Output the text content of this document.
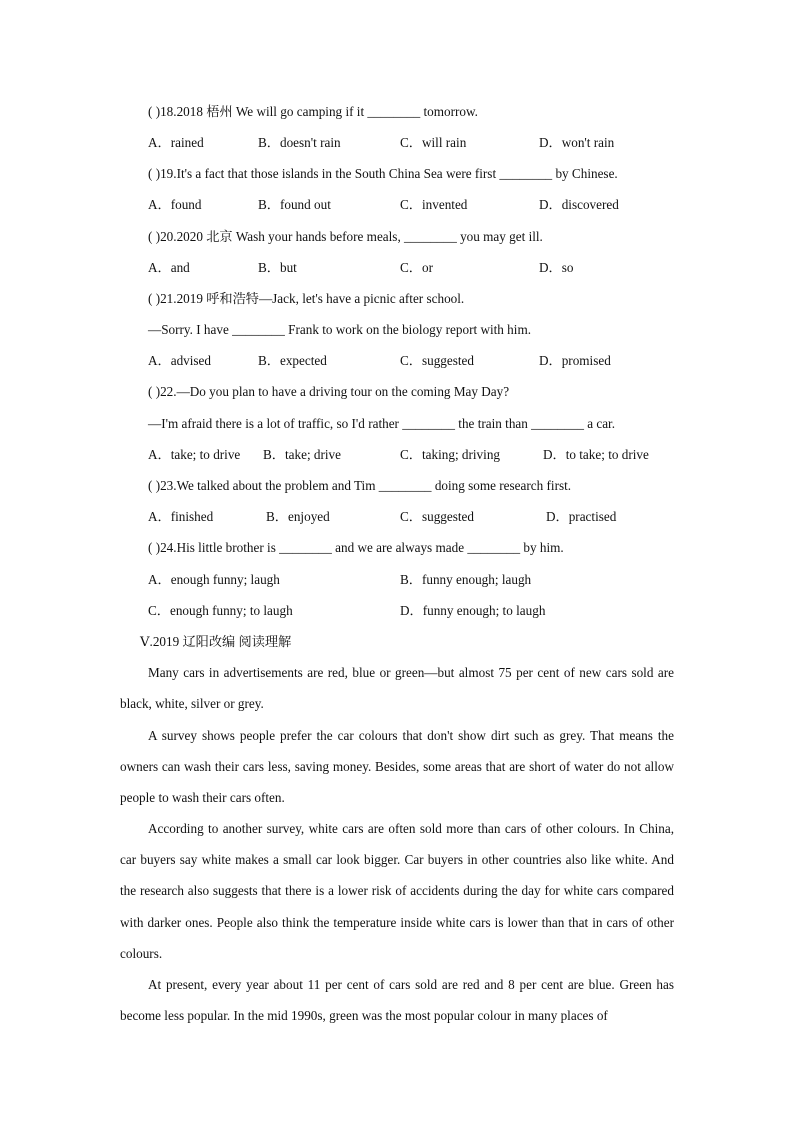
( )18.2018 梧州 We will go camping if it ________ tomorrow.
A．rained	B．doesn't rain	C．will rain	D．won't rain
( )19.It's a fact that those islands in the South China Sea were first ________ by Chinese.
A．found	B．found out	C．invented	D．discovered
( )20.2020 北京 Wash your hands before meals, ________ you may get ill.
A．and	B．but	C．or	D．so
( )21.2019 呼和浩特—Jack, let's have a picnic after school.
—Sorry. I have ________ Frank to work on the biology report with him.
A．advised	B．expected	C．suggested	D．promised
( )22.—Do you plan to have a driving tour on the coming May Day?
—I'm afraid there is a lot of traffic, so I'd rather ________ the train than ________ a car.
A．take; to drive B．take; drive	C．taking; driving	D．to take; to drive
( )23.We talked about the problem and Tim ________ doing some research first.
A．finished	B．enjoyed	C．suggested	D．practised
( )24.His little brother is ________ and we are always made ________ by him.
A．enough funny; laugh	B．funny enough; laugh
C．enough funny; to laugh	D．funny enough; to laugh
Ⅴ.2019 辽阳改编 阅读理解

Many cars in advertisements are red, blue or green—but almost 75 per cent of new cars sold are black, white, silver or grey.

A survey shows people prefer the car colours that don't show dirt such as grey. That means the owners can wash their cars less, saving money. Besides, some areas that are short of water do not allow people to wash their cars often.

According to another survey, white cars are often sold more than cars of other colours. In China, car buyers say white makes a small car look bigger. Car buyers in other countries also like white. And the research also suggests that there is a lower risk of accidents during the day for white cars compared with darker ones. People also think the temperature inside white cars is lower than that in cars of other colours.

At present, every year about 11 per cent of cars sold are red and 8 per cent are blue. Green has become less popular. In the mid 1990s, green was the most popular colour in many places of
